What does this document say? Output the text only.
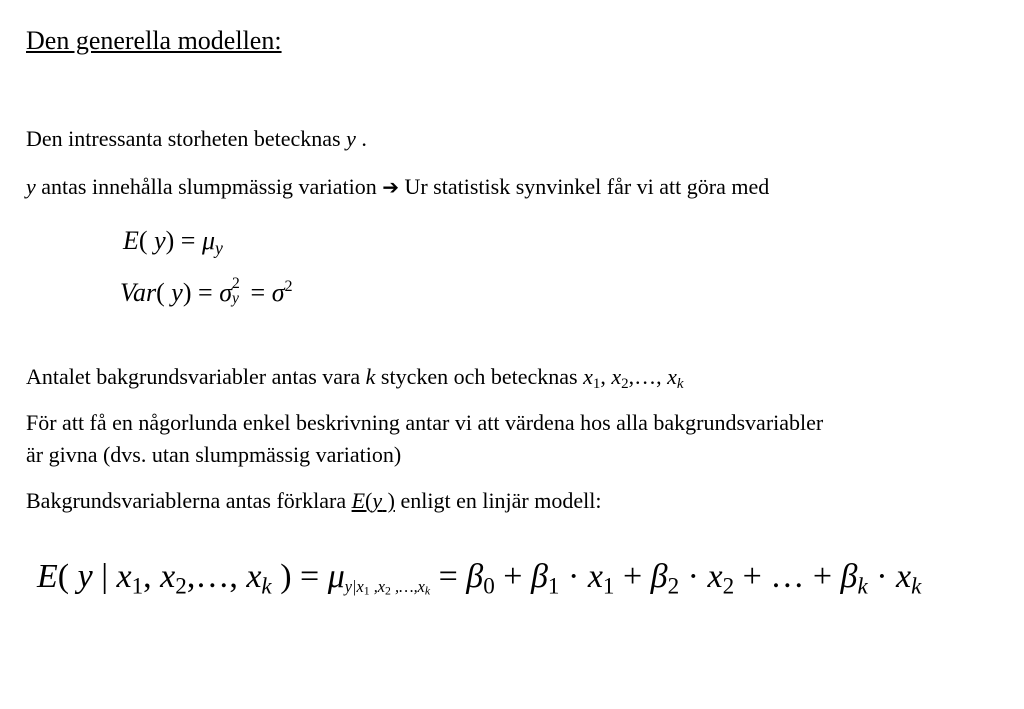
Den generella modellen:
Den intressanta storheten betecknas y .
y antas innehålla slumpmässig variation ➔ Ur statistisk synvinkel får vi att göra med
E( $y) = \mu_y$
Var( y) = σ 2
$y = \sigma^2$
Antalet bakgrundsvariabler antas vara k stycken och betecknas $x_1$, $x_2,\dots$, $x_k$
För att få en någorlunda enkel beskrivning antar vi att värdena hos alla bakgrundsvariabler
är givna (dvs. utan slumpmässig variation)
Bakgrundsvariablerna antas förklara E(y ) enligt en linjär modell:
E( y | $x_1$, $x_2,\dots$, $x_k$ ) = $\mu_{y|x1 ,x2 ,\dots,xk} = \beta_0 + \beta_1 \cdot x_1 + \beta_2 \cdot x_2$ + … + $\beta_k \cdot x_k$
